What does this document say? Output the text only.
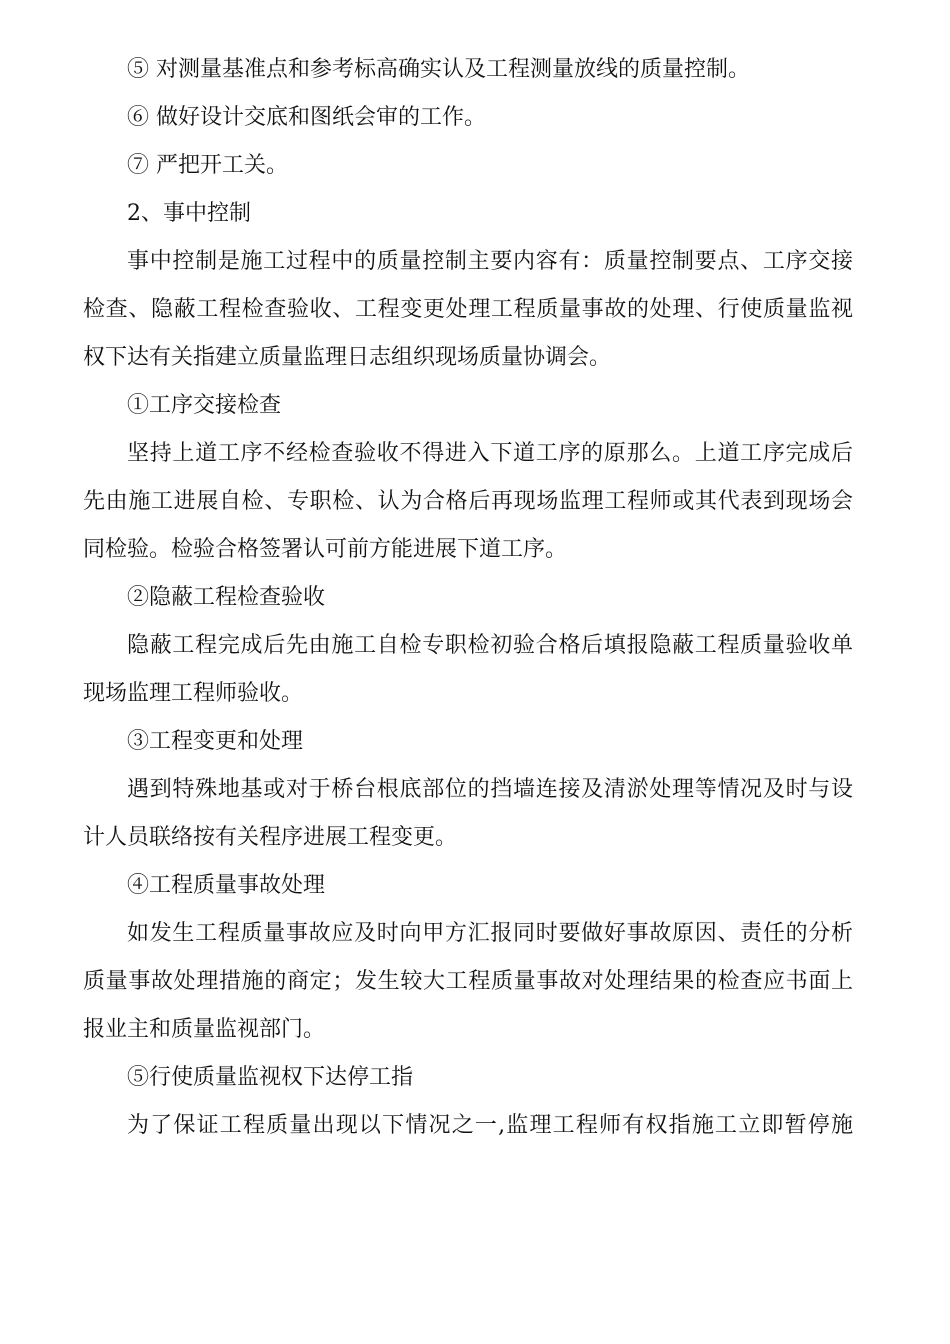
⑤ 对测量基准点和参考标高确实认及工程测量放线的质量控制。
⑥ 做好设计交底和图纸会审的工作。
⑦ 严把开工关。
2、事中控制
事中控制是施工过程中的质量控制主要内容有：质量控制要点、工序交接
检查、隐蔽工程检查验收、工程变更处理工程质量事故的处理、行使质量监视
权下达有关指建立质量监理日志组织现场质量协调会。
①工序交接检查
坚持上道工序不经检查验收不得进入下道工序的原那么。上道工序完成后
先由施工进展自检、专职检、认为合格后再现场监理工程师或其代表到现场会
同检验。检验合格签署认可前方能进展下道工序。
②隐蔽工程检查验收
隐蔽工程完成后先由施工自检专职检初验合格后填报隐蔽工程质量验收单
现场监理工程师验收。
③工程变更和处理
遇到特殊地基或对于桥台根底部位的挡墙连接及清淤处理等情况及时与设
计人员联络按有关程序进展工程变更。
④工程质量事故处理
如发生工程质量事故应及时向甲方汇报同时要做好事故原因、责任的分析
质量事故处理措施的商定；发生较大工程质量事故对处理结果的检查应书面上
报业主和质量监视部门。
⑤行使质量监视权下达停工指
为了保证工程质量出现以下情况之一,监理工程师有权指施工立即暂停施
